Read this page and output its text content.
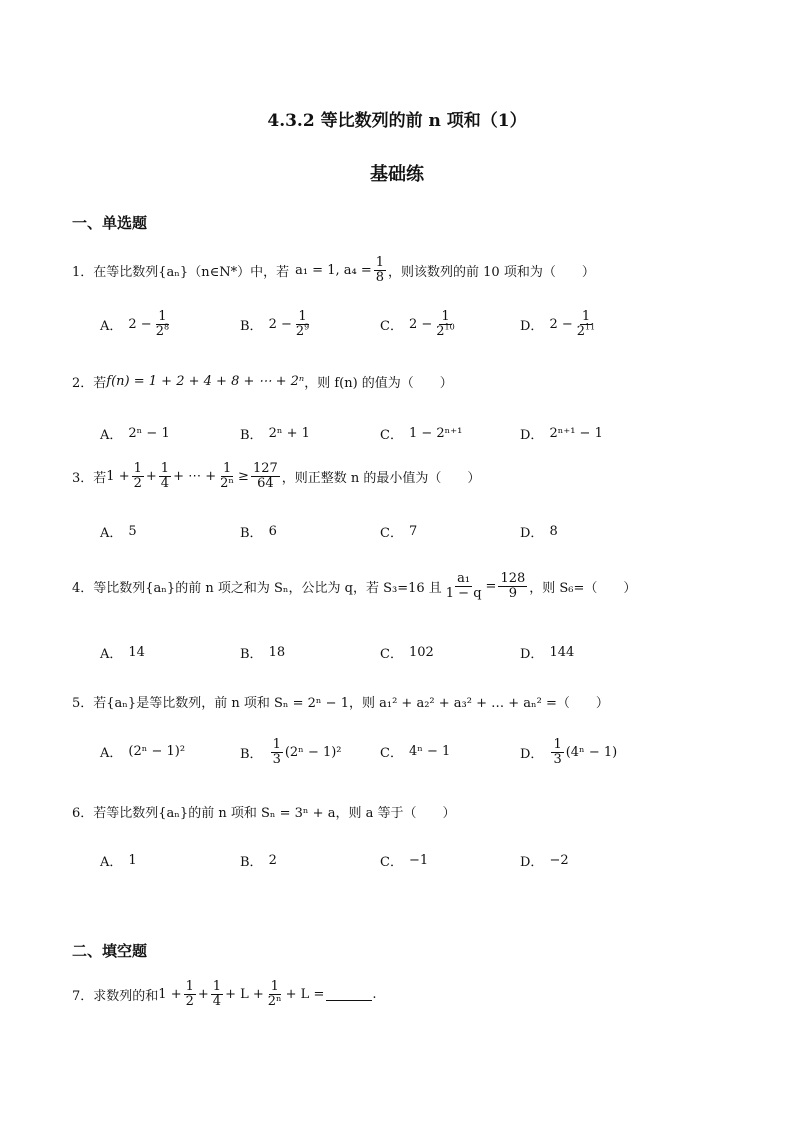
4.3.2 等比数列的前 n 项和（1）
基础练
一、单选题
1． 在等比数列{aₙ}（n∈N*）中，若 a₁ = 1, $a_4 = \frac{1}{8}$ ，则该数列的前 10 项和为（　　）
A． $2 - \frac{1}{2^8}$	B． $2 - \frac{1}{2^9}$	C． $2 - \frac{1}{2^{10}}$	D． $2 - \frac{1}{2^{11}}$
2． 若 f(n) = 1 + 2 + 4 + 8 + ⋯ + 2ⁿ ，则 f(n) 的值为（　　）
A． 2ⁿ − 1	B． 2ⁿ + 1	C． 1 − 2ⁿ⁺¹	D． 2ⁿ⁺¹ − 1
3． 若 $1 + \frac{1}{2} + \frac{1}{4}$ + ⋯ + $\frac{1}{\text{2ⁿ}} \ge \frac{127}{64}$ ，则正整数 n 的最小值为（　　）
A． 5	B． 6	C． 7	D． 8
4． 等比数列{aₙ}的前 n 项之和为 Sₙ，公比为 q，若 S₃=16 且 $\frac{\text{a₁}}{1 - q} = \frac{128}{9}$ ，则 S₆=（　　）
A． 14	B． 18	C． 102	D． 144
5． 若{aₙ}是等比数列，前 n 项和 Sₙ = 2ⁿ − 1，则 a₁² + a₂² + a₃² + … + aₙ² =（　　）
A． (2ⁿ − 1)²	B． $\frac{1}{3} (2^n - 1)^2$	C． 4ⁿ − 1	D． $\frac{1}{3} (4^n - 1)$
6． 若等比数列{aₙ}的前 n 项和 Sₙ = 3ⁿ + a，则 a 等于（　　）
A． 1	B． 2	C． −1	D． −2
二、填空题
7． 求数列的和 $1 + \frac{1}{2} + \frac{1}{4} + L + \frac{1}{\text{2ⁿ}} + L$ =	.
